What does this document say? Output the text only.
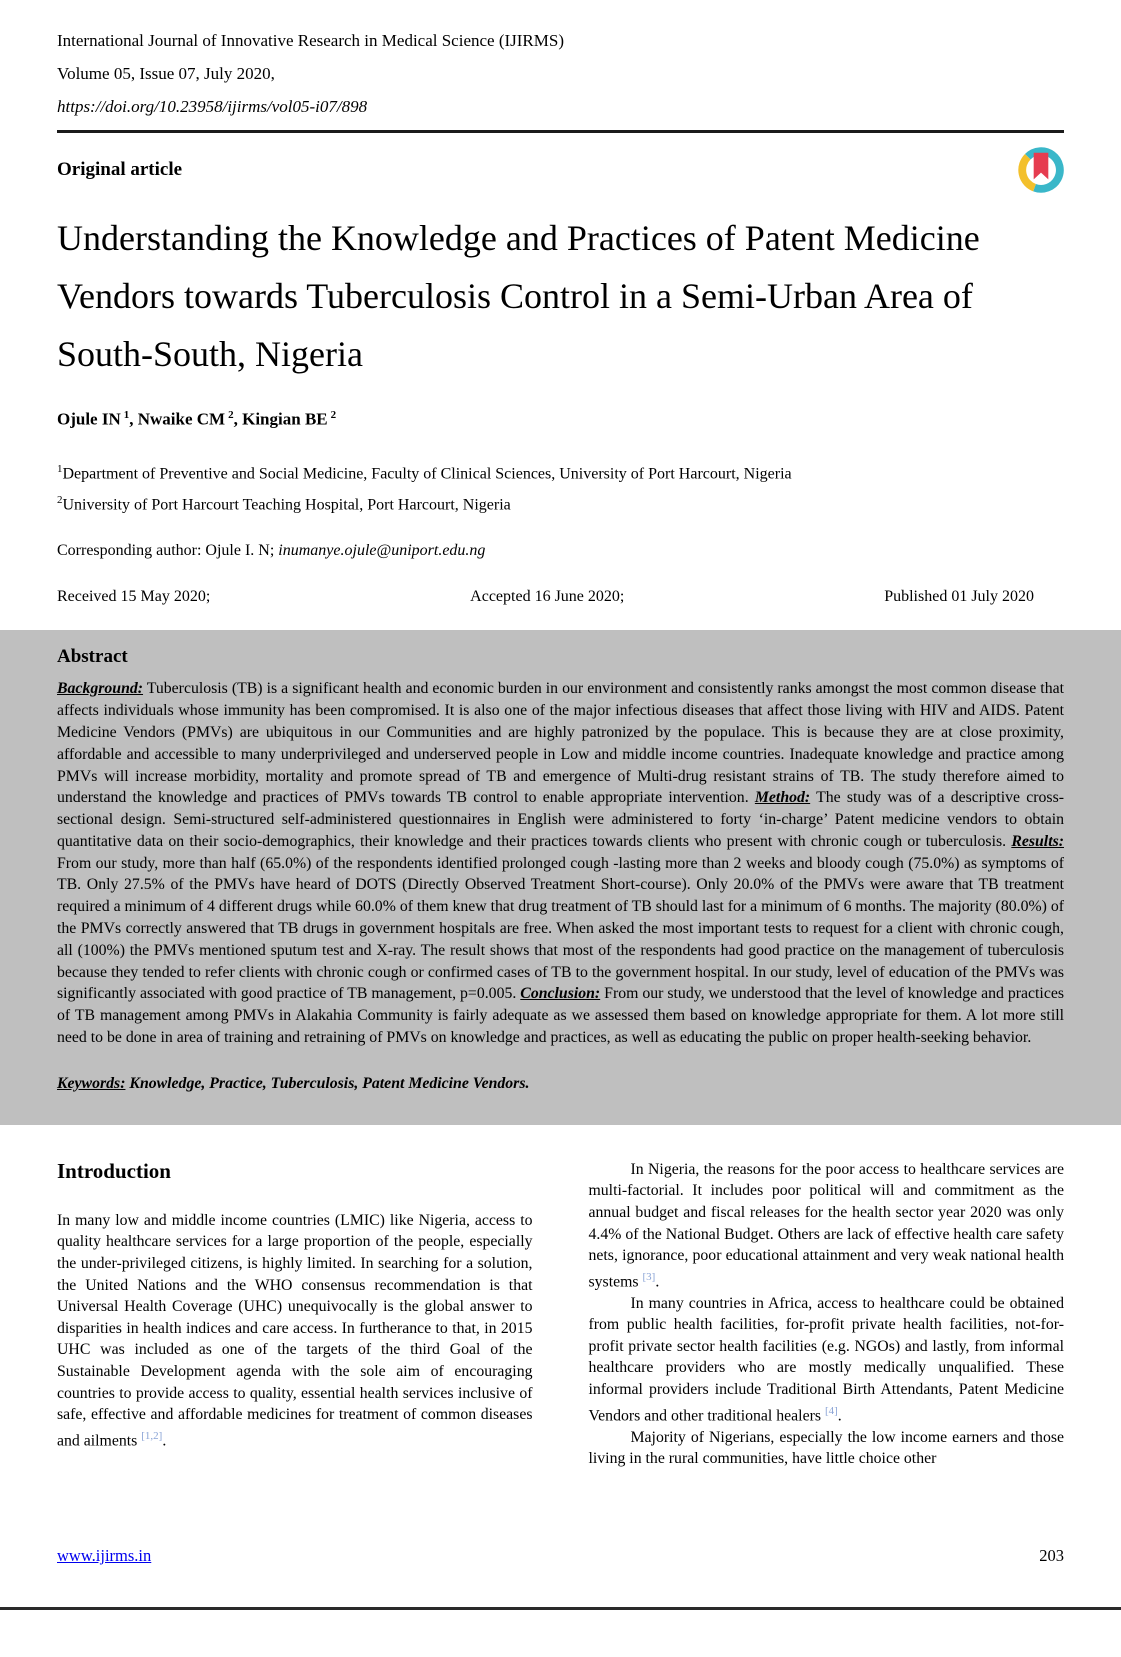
International Journal of Innovative Research in Medical Science (IJIRMS)
Volume 05, Issue 07, July 2020,
https://doi.org/10.23958/ijirms/vol05-i07/898
Original article
Understanding the Knowledge and Practices of Patent Medicine Vendors towards Tuberculosis Control in a Semi-Urban Area of South-South, Nigeria
Ojule IN $^1$, Nwaike CM $^2$, Kingian BE $^2$
$^1$Department of Preventive and Social Medicine, Faculty of Clinical Sciences, University of Port Harcourt, Nigeria
$^2$University of Port Harcourt Teaching Hospital, Port Harcourt, Nigeria
Corresponding author: Ojule I. N; inumanye.ojule@uniport.edu.ng
Received 15 May 2020;	Accepted 16 June 2020;	Published 01 July 2020
Abstract

Background: Tuberculosis (TB) is a significant health and economic burden in our environment and consistently ranks amongst the most common disease that affects individuals whose immunity has been compromised. It is also one of the major infectious diseases that affect those living with HIV and AIDS. Patent Medicine Vendors (PMVs) are ubiquitous in our Communities and are highly patronized by the populace. This is because they are at close proximity, affordable and accessible to many underprivileged and underserved people in Low and middle income countries. Inadequate knowledge and practice among PMVs will increase morbidity, mortality and promote spread of TB and emergence of Multi-drug resistant strains of TB. The study therefore aimed to understand the knowledge and practices of PMVs towards TB control to enable appropriate intervention. Method: The study was of a descriptive cross-sectional design. Semi-structured self-administered questionnaires in English were administered to forty ‘in-charge’ Patent medicine vendors to obtain quantitative data on their socio-demographics, their knowledge and their practices towards clients who present with chronic cough or tuberculosis. Results: From our study, more than half (65.0%) of the respondents identified prolonged cough -lasting more than 2 weeks and bloody cough (75.0%) as symptoms of TB. Only 27.5% of the PMVs have heard of DOTS (Directly Observed Treatment Short-course). Only 20.0% of the PMVs were aware that TB treatment required a minimum of 4 different drugs while 60.0% of them knew that drug treatment of TB should last for a minimum of 6 months. The majority (80.0%) of the PMVs correctly answered that TB drugs in government hospitals are free. When asked the most important tests to request for a client with chronic cough, all (100%) the PMVs mentioned sputum test and X-ray. The result shows that most of the respondents had good practice on the management of tuberculosis because they tended to refer clients with chronic cough or confirmed cases of TB to the government hospital. In our study, level of education of the PMVs was significantly associated with good practice of TB management, p=0.005. Conclusion: From our study, we understood that the level of knowledge and practices of TB management among PMVs in Alakahia Community is fairly adequate as we assessed them based on knowledge appropriate for them. A lot more still need to be done in area of training and retraining of PMVs on knowledge and practices, as well as educating the public on proper health-seeking behavior.

Keywords: Knowledge, Practice, Tuberculosis, Patent Medicine Vendors.

Introduction

In many low and middle income countries (LMIC) like Nigeria, access to quality healthcare services for a large proportion of the people, especially the under-privileged citizens, is highly limited. In searching for a solution, the United Nations and the WHO consensus recommendation is that Universal Health Coverage (UHC) unequivocally is the global answer to disparities in health indices and care access. In furtherance to that, in 2015 UHC was included as one of the targets of the third Goal of the Sustainable Development agenda with the sole aim of encouraging countries to provide access to quality, essential health services inclusive of safe, effective and affordable medicines for treatment of common diseases and ailments [1,2].

In Nigeria, the reasons for the poor access to healthcare services are multi-factorial. It includes poor political will and commitment as the annual budget and fiscal releases for the health sector year 2020 was only 4.4% of the National Budget. Others are lack of effective health care safety nets, ignorance, poor educational attainment and very weak national health systems [3].

In many countries in Africa, access to healthcare could be obtained from public health facilities, for-profit private health facilities, not-for-profit private sector health facilities (e.g. NGOs) and lastly, from informal healthcare providers who are mostly medically unqualified. These informal providers include Traditional Birth Attendants, Patent Medicine Vendors and other traditional healers [4].

Majority of Nigerians, especially the low income earners and those living in the rural communities, have little choice other

www.ijirms.in	203
